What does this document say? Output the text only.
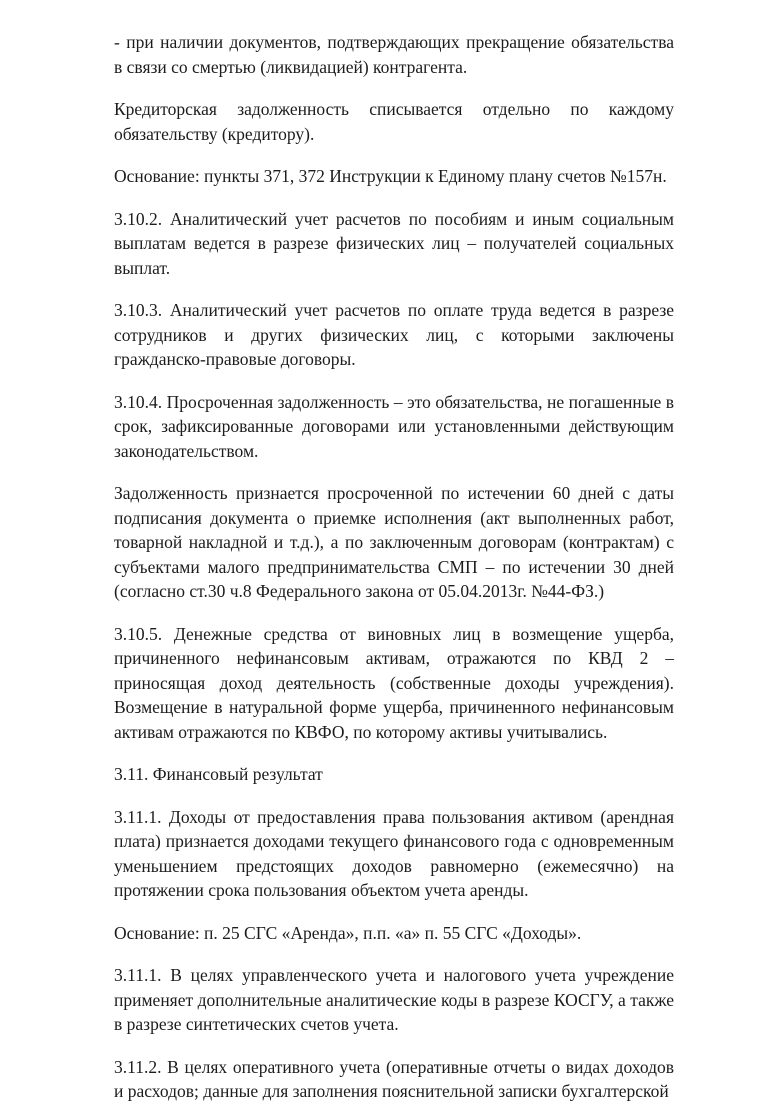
- при наличии документов, подтверждающих прекращение обязательства в связи со смертью (ликвидацией) контрагента.

Кредиторская задолженность списывается отдельно по каждому обязательству (кредитору).

Основание: пункты 371, 372 Инструкции к Единому плану счетов №157н.

3.10.2. Аналитический учет расчетов по пособиям и иным социальным выплатам ведется в разрезе физических лиц – получателей социальных выплат.

3.10.3. Аналитический учет расчетов по оплате труда ведется в разрезе сотрудников и других физических лиц, с которыми заключены гражданско-правовые договоры.

3.10.4. Просроченная задолженность – это обязательства, не погашенные в срок, зафиксированные договорами или установленными действующим законодательством.

Задолженность признается просроченной по истечении 60 дней с даты подписания документа о приемке исполнения (акт выполненных работ, товарной накладной и т.д.), а по заключенным договорам (контрактам) с субъектами малого предпринимательства СМП – по истечении 30 дней (согласно ст.30 ч.8 Федерального закона от 05.04.2013г. №44-ФЗ.)

3.10.5. Денежные средства от виновных лиц в возмещение ущерба, причиненного нефинансовым активам, отражаются по КВД 2 – приносящая доход деятельность (собственные доходы учреждения). Возмещение в натуральной форме ущерба, причиненного нефинансовым активам отражаются по КВФО, по которому активы учитывались.

3.11. Финансовый результат

3.11.1. Доходы от предоставления права пользования активом (арендная плата) признается доходами текущего финансового года с одновременным уменьшением предстоящих доходов равномерно (ежемесячно) на протяжении срока пользования объектом учета аренды.

Основание: п. 25 СГС «Аренда», п.п. «а» п. 55 СГС «Доходы».

3.11.1. В целях управленческого учета и налогового учета учреждение применяет дополнительные аналитические коды в разрезе КОСГУ, а также в разрезе синтетических счетов учета.

3.11.2. В целях оперативного учета (оперативные отчеты о видах доходов и расходов; данные для заполнения пояснительной записки бухгалтерской
